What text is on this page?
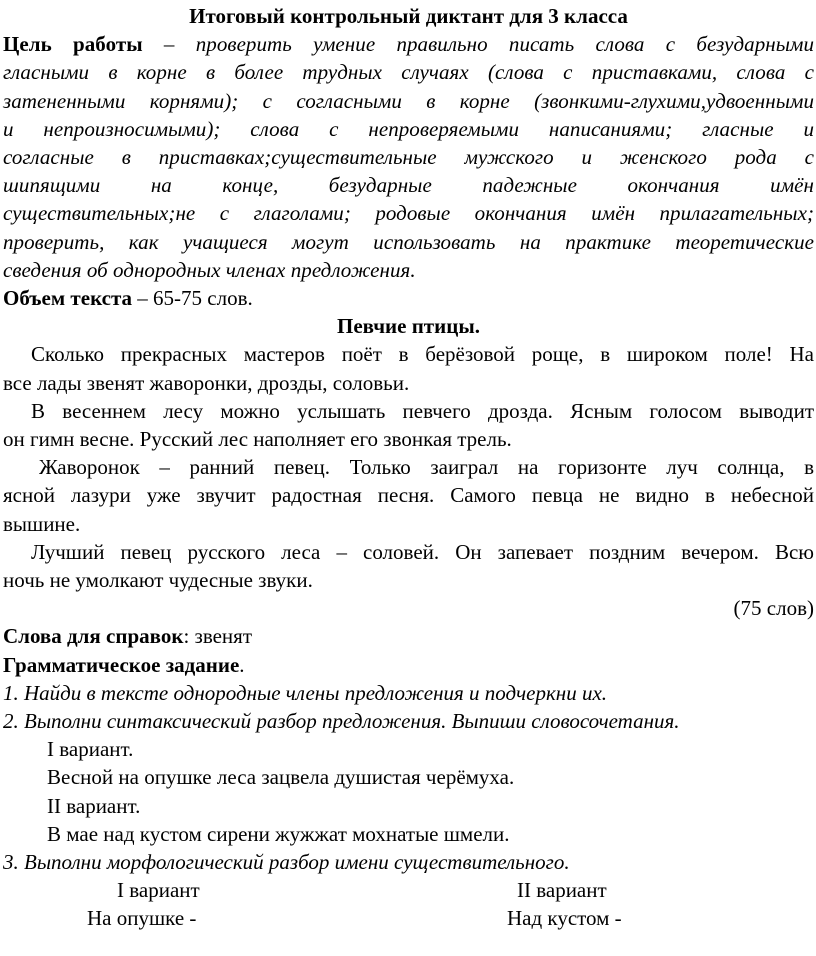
Итоговый контрольный диктант для 3 класса
Цель работы – проверить умение правильно писать слова с безударными
гласными в корне в более трудных случаях (слова с приставками, слова с
затененными корнями); с согласными в корне (звонкими-глухими,удвоенными
и непроизносимыми); слова с непроверяемыми написаниями; гласные и
согласные в приставках;существительные мужского и женского рода с
шипящими на конце, безударные падежные окончания имён
существительных;не с глаголами; родовые окончания имён прилагательных;
проверить, как учащиеся могут использовать на практике теоретические
сведения об однородных членах предложения.
Объем текста – 65-75 слов.
Певчие птицы.
Сколько прекрасных мастеров поёт в берёзовой роще, в широком поле! На
все лады звенят жаворонки, дрозды, соловьи.
В весеннем лесу можно услышать певчего дрозда. Ясным голосом выводит
он гимн весне. Русский лес наполняет его звонкая трель.
Жаворонок – ранний певец. Только заиграл на горизонте луч солнца, в
ясной лазури уже звучит радостная песня. Самого певца не видно в небесной
вышине.
Лучший певец русского леса – соловей. Он запевает поздним вечером. Всю
ночь не умолкают чудесные звуки.
(75 слов)
Слова для справок: звенят
Грамматическое задание.
1. Найди в тексте однородные члены предложения и подчеркни их.
2. Выполни синтаксический разбор предложения. Выпиши словосочетания.
I вариант.
Весной на опушке леса зацвела душистая черёмуха.
II вариант.
В мае над кустом сирени жужжат мохнатые шмели.
3. Выполни морфологический разбор имени существительного.
I вариант	II вариант
На опушке -	Над кустом -
